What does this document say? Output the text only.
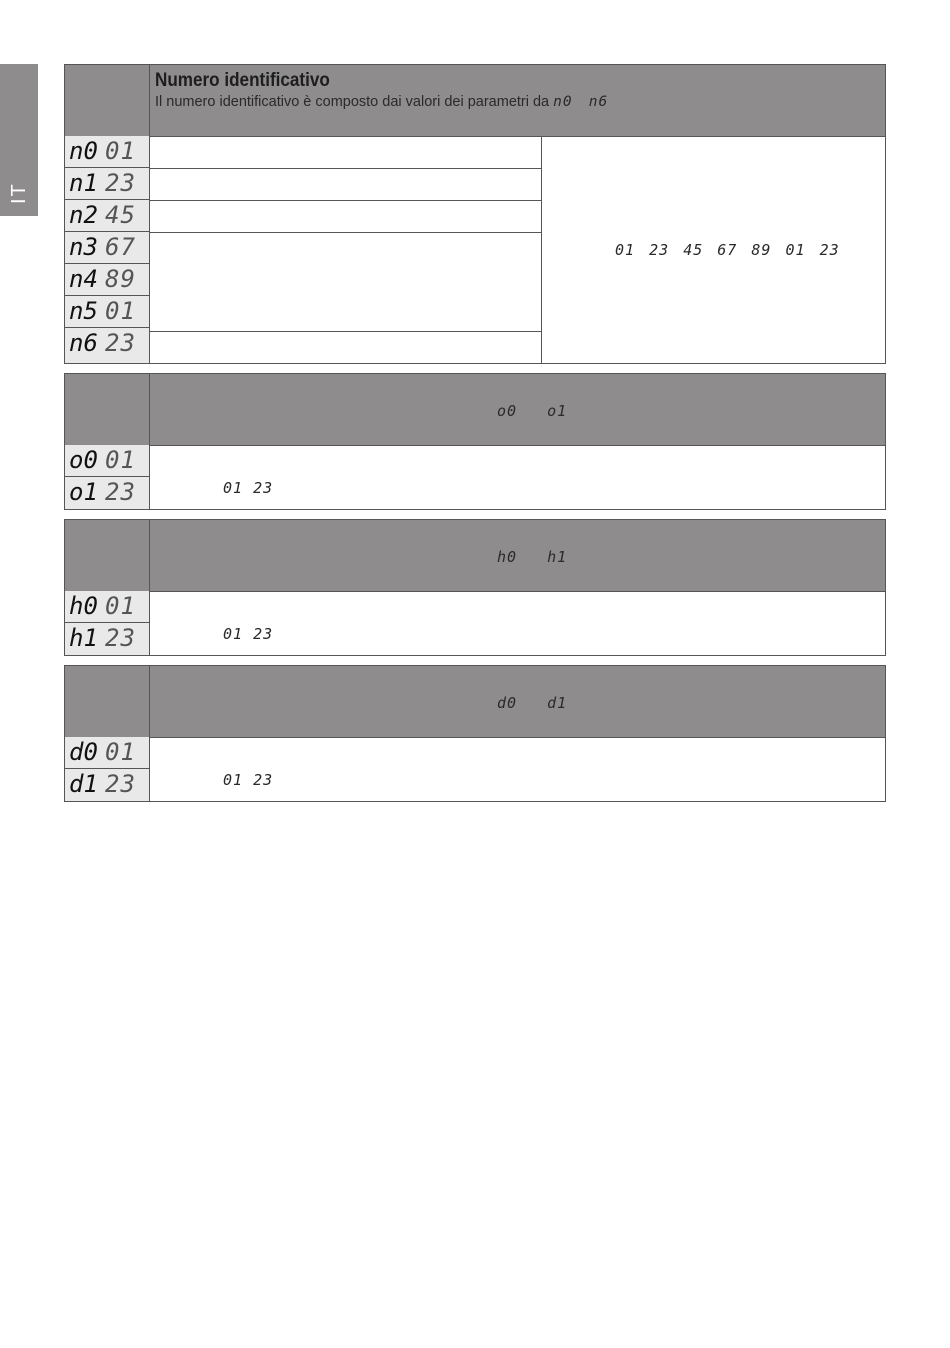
IT
Numero identificativo
Il numero identificativo è composto dai valori dei parametri da n0 n6
n0 01
n1 23
n2 45
n3 67
n4 89
n5 01
n6 23
01 23 45 67 89 01 23
o0 o1
o0 01
o1 23	01 23
h0 h1
h0 01
h1 23	01 23
d0 d1
d0 01
d1 23	01 23
